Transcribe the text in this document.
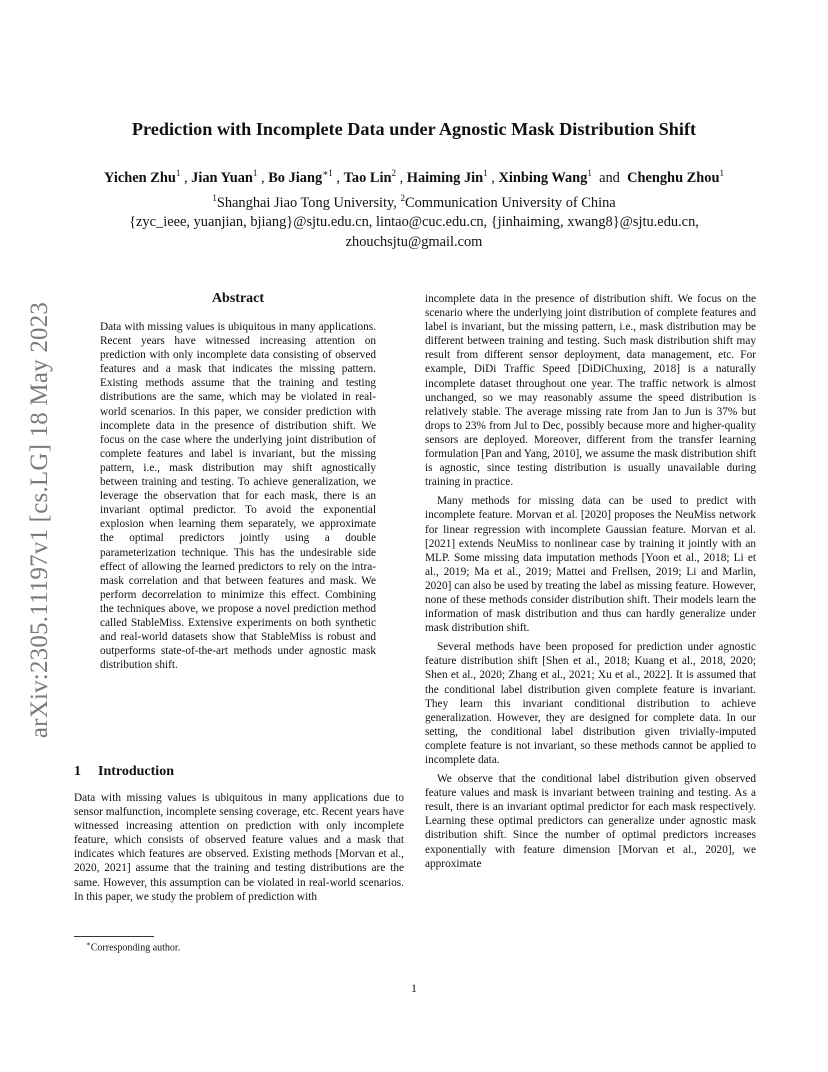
arXiv:2305.11197v1 [cs.LG] 18 May 2023
Prediction with Incomplete Data under Agnostic Mask Distribution Shift
Yichen Zhu$^1$ , Jian Yuan$^1$ , Bo Jiang$^{∗1}$ , Tao Lin$^2$ , Haiming Jin$^1$ , Xinbing Wang$^1$ and Chenghu Zhou$^1$
$^1$Shanghai Jiao Tong University, $^2$Communication University of China
{zyc_ieee, yuanjian, bjiang}@sjtu.edu.cn, lintao@cuc.edu.cn, {jinhaiming, xwang8}@sjtu.edu.cn,
zhouchsjtu@gmail.com
Abstract
Data with missing values is ubiquitous in many applications. Recent years have witnessed increasing attention on prediction with only incomplete data consisting of observed features and a mask that indicates the missing pattern. Existing methods assume that the training and testing distributions are the same, which may be violated in real-world scenarios. In this paper, we consider prediction with incomplete data in the presence of distribution shift. We focus on the case where the underlying joint distribution of complete features and label is invariant, but the missing pattern, i.e., mask distribution may shift agnostically between training and testing. To achieve generalization, we leverage the observation that for each mask, there is an invariant optimal predictor. To avoid the exponential explosion when learning them separately, we approximate the optimal predictors jointly using a double parameterization technique. This has the undesirable side effect of allowing the learned predictors to rely on the intra-mask correlation and that between features and mask. We perform decorrelation to minimize this effect. Combining the techniques above, we propose a novel prediction method called StableMiss. Extensive experiments on both synthetic and real-world datasets show that StableMiss is robust and outperforms state-of-the-art methods under agnostic mask distribution shift.
1 Introduction
Data with missing values is ubiquitous in many applications due to sensor malfunction, incomplete sensing coverage, etc. Recent years have witnessed increasing attention on prediction with only incomplete feature, which consists of observed feature values and a mask that indicates which features are observed. Existing methods [Morvan et al., 2020, 2021] assume that the training and testing distributions are the same. However, this assumption can be violated in real-world scenarios. In this paper, we study the problem of prediction with

incomplete data in the presence of distribution shift. We focus on the scenario where the underlying joint distribution of complete features and label is invariant, but the missing pattern, i.e., mask distribution may be different between training and testing. Such mask distribution shift may result from different sensor deployment, data management, etc. For example, DiDi Traffic Speed [DiDiChuxing, 2018] is a naturally incomplete dataset throughout one year. The traffic network is almost unchanged, so we may reasonably assume the speed distribution is relatively stable. The average missing rate from Jan to Jun is 37% but drops to 23% from Jul to Dec, possibly because more and higher-quality sensors are deployed. Moreover, different from the transfer learning formulation [Pan and Yang, 2010], we assume the mask distribution shift is agnostic, since testing distribution is usually unavailable during training in practice.

Many methods for missing data can be used to predict with incomplete feature. Morvan et al. [2020] proposes the NeuMiss network for linear regression with incomplete Gaussian feature. Morvan et al. [2021] extends NeuMiss to nonlinear case by training it jointly with an MLP. Some missing data imputation methods [Yoon et al., 2018; Li et al., 2019; Ma et al., 2019; Mattei and Frellsen, 2019; Li and Marlin, 2020] can also be used by treating the label as missing feature. However, none of these methods consider distribution shift. Their models learn the information of mask distribution and thus can hardly generalize under mask distribution shift.

Several methods have been proposed for prediction under agnostic feature distribution shift [Shen et al., 2018; Kuang et al., 2018, 2020; Shen et al., 2020; Zhang et al., 2021; Xu et al., 2022]. It is assumed that the conditional label distribution given complete feature is invariant. They learn this invariant conditional distribution to achieve generalization. However, they are designed for complete data. In our setting, the conditional label distribution given trivially-imputed complete feature is not invariant, so these methods cannot be applied to incomplete data.

We observe that the conditional label distribution given observed feature values and mask is invariant between training and testing. As a result, there is an invariant optimal predictor for each mask respectively. Learning these optimal predictors can generalize under agnostic mask distribution shift. Since the number of optimal predictors increases exponentially with feature dimension [Morvan et al., 2020], we approximate

∗Corresponding author.
1
